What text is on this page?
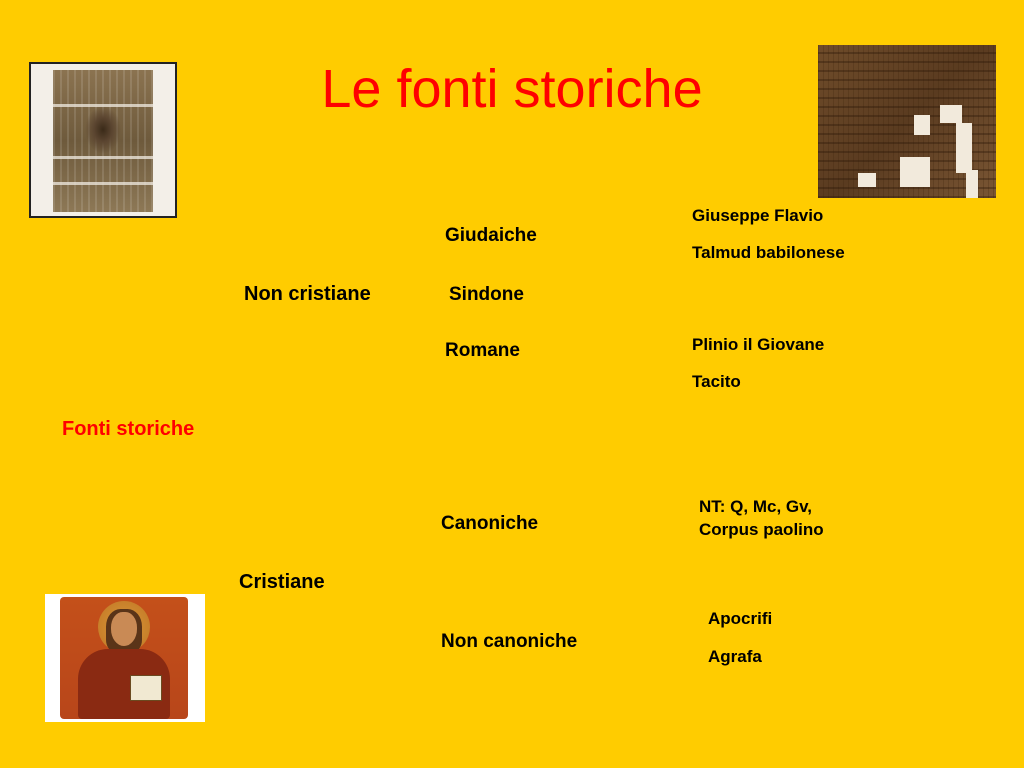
Le fonti storiche
Fonti storiche
Non cristiane
Giudaiche
Giuseppe Flavio
Talmud babilonese
Sindone
Romane	Plinio il Giovane
Tacito
Cristiane
Canoniche
NT: Q, Mc, Gv,
Corpus paolino
Non canoniche
Apocrifi
Agrafa
